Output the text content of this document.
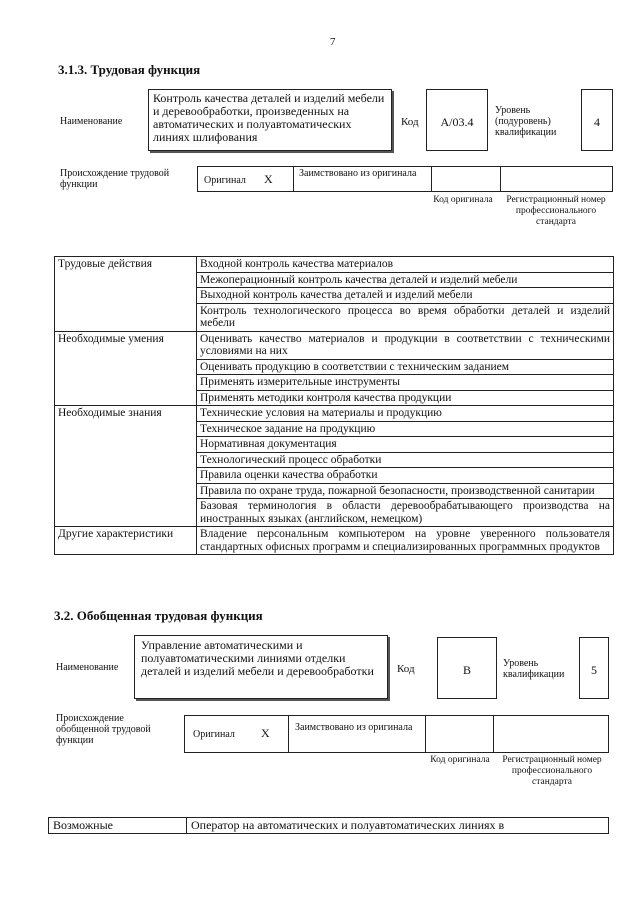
7
3.1.3. Трудовая функция
Наименование
Контроль качества деталей и изделий мебели и деревообработки, произведенных на автоматических и полуавтоматических линиях шлифования
Код	A/03.4
Уровень (подуровень) квалификации
4
Происхождение трудовой функции	Оригинал X	Заимствовано из оригинала
Код оригинала	Регистрационный номер профессионального стандарта
Трудовые действия	Входной контроль качества материалов
	Межоперационный контроль качества деталей и изделий мебели
	Выходной контроль качества деталей и изделий мебели
	Контроль технологического процесса во время обработки деталей и изделий мебели
Необходимые умения	Оценивать качество материалов и продукции в соответствии с техническими условиями на них
	Оценивать продукцию в соответствии с техническим заданием
	Применять измерительные инструменты
	Применять методики контроля качества продукции
Необходимые знания	Технические условия на материалы и продукцию
	Техническое задание на продукцию
	Нормативная документация
	Технологический процесс обработки
	Правила оценки качества обработки
	Правила по охране труда, пожарной безопасности, производственной санитарии
	Базовая терминология в области деревообрабатывающего производства на иностранных языках (английском, немецком)
Другие характеристики	Владение персональным компьютером на уровне уверенного пользователя стандартных офисных программ и специализированных программных продуктов
3.2. Обобщенная трудовая функция
Наименование
Управление автоматическими и полуавтоматическими линиями отделки деталей и изделий мебели и деревообработки	Код	B	Уровень квалификации	5
Происхождение обобщенной трудовой функции
Оригинал X	Заимствовано из оригинала
Код оригинала	Регистрационный номер профессионального стандарта
Возможные	Оператор на автоматических и полуавтоматических линиях в
